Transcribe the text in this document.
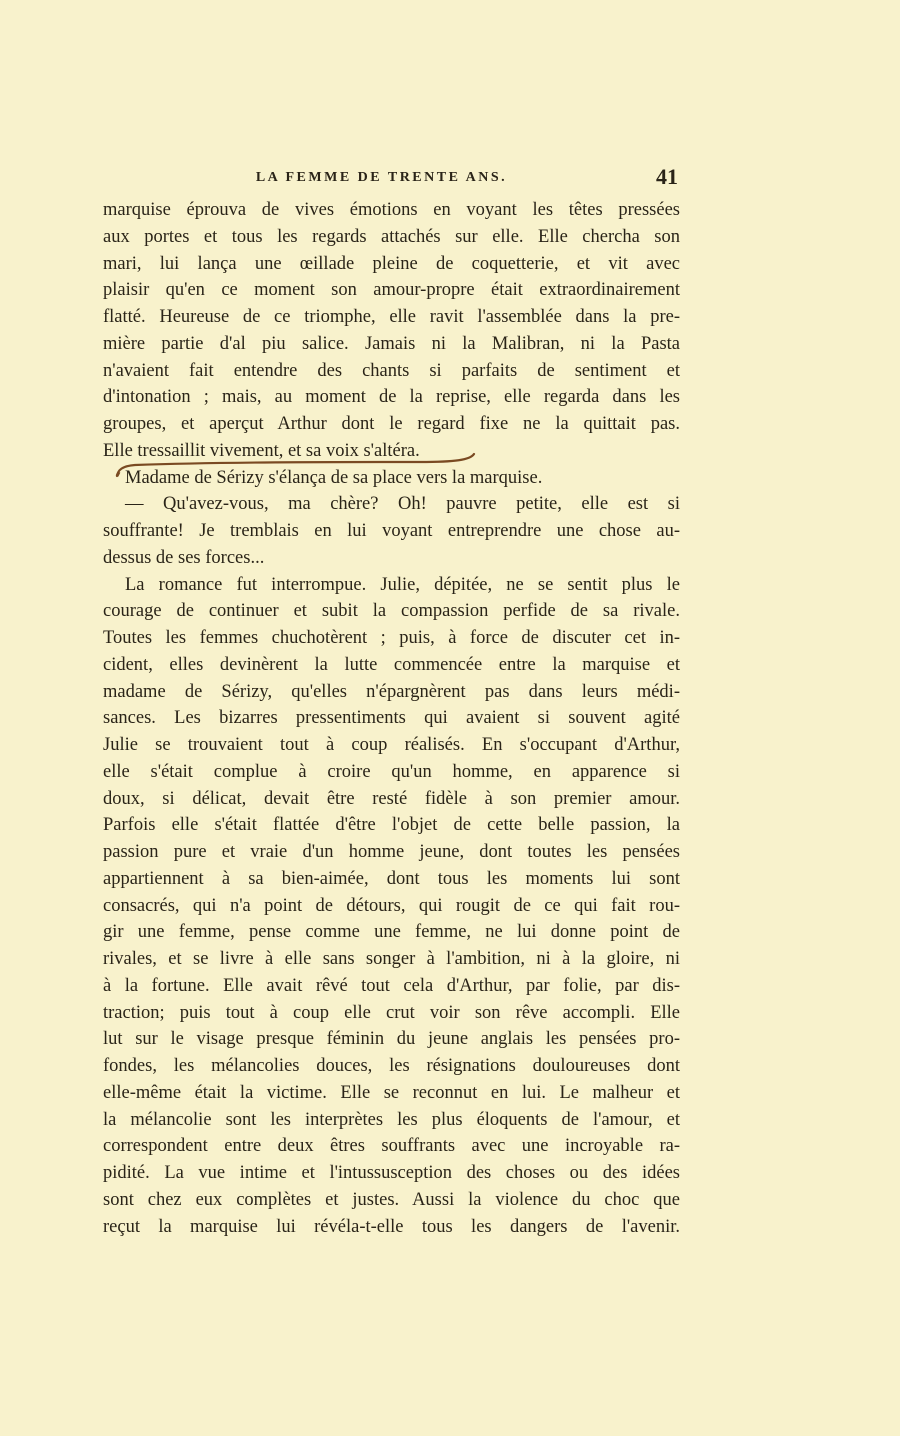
LA FEMME DE TRENTE ANS.	41
marquise éprouva de vives émotions en voyant les têtes pressées
aux portes et tous les regards attachés sur elle. Elle chercha son
mari, lui lança une œillade pleine de coquetterie, et vit avec
plaisir qu'en ce moment son amour-propre était extraordinairement
flatté. Heureuse de ce triomphe, elle ravit l'assemblée dans la pre-
mière partie d'al piu salice. Jamais ni la Malibran, ni la Pasta
n'avaient fait entendre des chants si parfaits de sentiment et
d'intonation ; mais, au moment de la reprise, elle regarda dans les
groupes, et aperçut Arthur dont le regard fixe ne la quittait pas.
Elle tressaillit vivement, et sa voix s'altéra.
Madame de Sérizy s'élança de sa place vers la marquise.
— Qu'avez-vous, ma chère? Oh! pauvre petite, elle est si
souffrante! Je tremblais en lui voyant entreprendre une chose au-
dessus de ses forces...
La romance fut interrompue. Julie, dépitée, ne se sentit plus le
courage de continuer et subit la compassion perfide de sa rivale.
Toutes les femmes chuchotèrent ; puis, à force de discuter cet in-
cident, elles devinèrent la lutte commencée entre la marquise et
madame de Sérizy, qu'elles n'épargnèrent pas dans leurs médi-
sances. Les bizarres pressentiments qui avaient si souvent agité
Julie se trouvaient tout à coup réalisés. En s'occupant d'Arthur,
elle s'était complue à croire qu'un homme, en apparence si
doux, si délicat, devait être resté fidèle à son premier amour.
Parfois elle s'était flattée d'être l'objet de cette belle passion, la
passion pure et vraie d'un homme jeune, dont toutes les pensées
appartiennent à sa bien-aimée, dont tous les moments lui sont
consacrés, qui n'a point de détours, qui rougit de ce qui fait rou-
gir une femme, pense comme une femme, ne lui donne point de
rivales, et se livre à elle sans songer à l'ambition, ni à la gloire, ni
à la fortune. Elle avait rêvé tout cela d'Arthur, par folie, par dis-
traction; puis tout à coup elle crut voir son rêve accompli. Elle
lut sur le visage presque féminin du jeune anglais les pensées pro-
fondes, les mélancolies douces, les résignations douloureuses dont
elle-même était la victime. Elle se reconnut en lui. Le malheur et
la mélancolie sont les interprètes les plus éloquents de l'amour, et
correspondent entre deux êtres souffrants avec une incroyable ra-
pidité. La vue intime et l'intussusception des choses ou des idées
sont chez eux complètes et justes. Aussi la violence du choc que
reçut la marquise lui révéla-t-elle tous les dangers de l'avenir.
